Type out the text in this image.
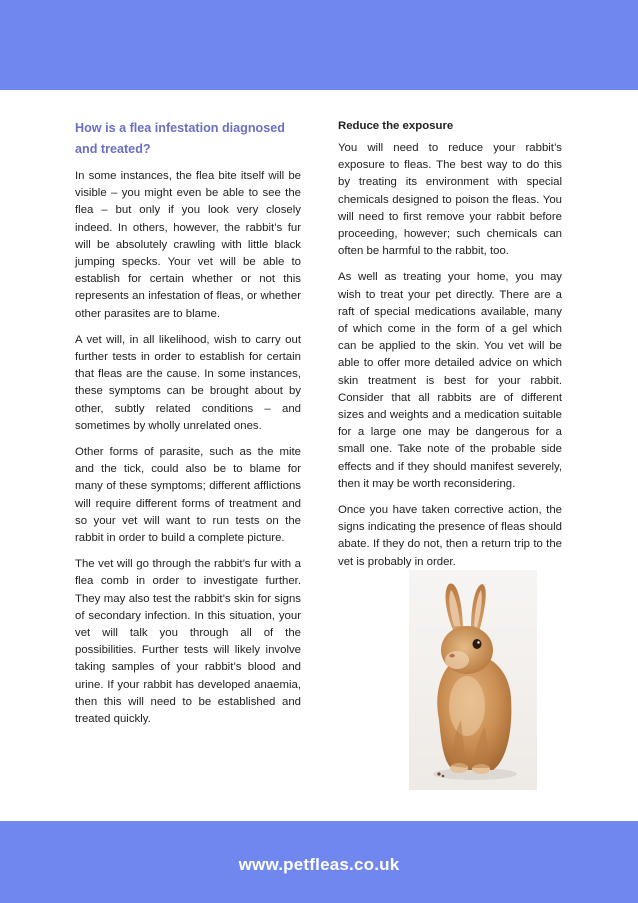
How is a flea infestation diagnosed and treated?

In some instances, the flea bite itself will be visible – you might even be able to see the flea – but only if you look very closely indeed. In others, however, the rabbit’s fur will be absolutely crawling with little black jumping specks. Your vet will be able to establish for certain whether or not this represents an infestation of fleas, or whether other parasites are to blame.

A vet will, in all likelihood, wish to carry out further tests in order to establish for certain that fleas are the cause. In some instances, these symptoms can be brought about by other, subtly related conditions – and sometimes by wholly unrelated ones.

Other forms of parasite, such as the mite and the tick, could also be to blame for many of these symptoms; different afflictions will require different forms of treatment and so your vet will want to run tests on the rabbit in order to build a complete picture.

The vet will go through the rabbit’s fur with a flea comb in order to investigate further. They may also test the rabbit’s skin for signs of secondary infection. In this situation, your vet will talk you through all of the possibilities. Further tests will likely involve taking samples of your rabbit’s blood and urine. If your rabbit has developed anaemia, then this will need to be established and treated quickly.

Reduce the exposure

You will need to reduce your rabbit’s exposure to fleas. The best way to do this by treating its environment with special chemicals designed to poison the fleas. You will need to first remove your rabbit before proceeding, however; such chemicals can often be harmful to the rabbit, too.

As well as treating your home, you may wish to treat your pet directly. There are a raft of special medications available, many of which come in the form of a gel which can be applied to the skin. You vet will be able to offer more detailed advice on which skin treatment is best for your rabbit. Consider that all rabbits are of different sizes and weights and a medication suitable for a large one may be dangerous for a small one. Take note of the probable side effects and if they should manifest severely, then it may be worth reconsidering.

Once you have taken corrective action, the signs indicating the presence of fleas should abate. If they do not, then a return trip to the vet is probably in order.

www.petfleas.co.uk
